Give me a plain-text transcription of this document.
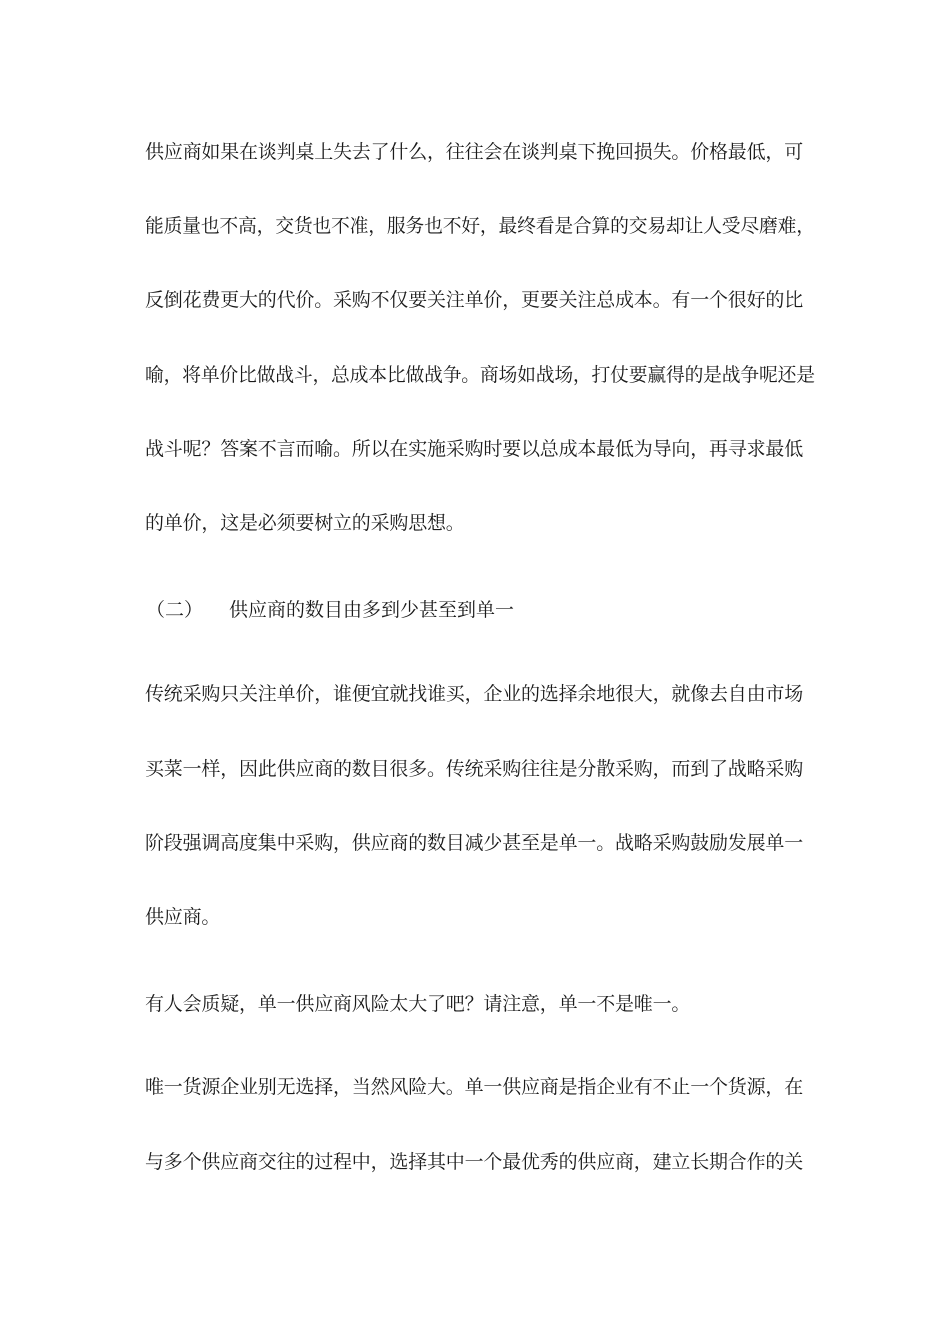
供应商如果在谈判桌上失去了什么，往往会在谈判桌下挽回损失。价格最低，可
能质量也不高，交货也不准，服务也不好，最终看是合算的交易却让人受尽磨难，
反倒花费更大的代价。采购不仅要关注单价，更要关注总成本。有一个很好的比
喻，将单价比做战斗，总成本比做战争。商场如战场，打仗要赢得的是战争呢还是
战斗呢？答案不言而喻。所以在实施采购时要以总成本最低为导向，再寻求最低
的单价，这是必须要树立的采购思想。
（二） 供应商的数目由多到少甚至到单一
传统采购只关注单价，谁便宜就找谁买，企业的选择余地很大，就像去自由市场
买菜一样，因此供应商的数目很多。传统采购往往是分散采购，而到了战略采购
阶段强调高度集中采购，供应商的数目减少甚至是单一。战略采购鼓励发展单一
供应商。
有人会质疑，单一供应商风险太大了吧？请注意，单一不是唯一。
唯一货源企业别无选择，当然风险大。单一供应商是指企业有不止一个货源，在
与多个供应商交往的过程中，选择其中一个最优秀的供应商，建立长期合作的关
